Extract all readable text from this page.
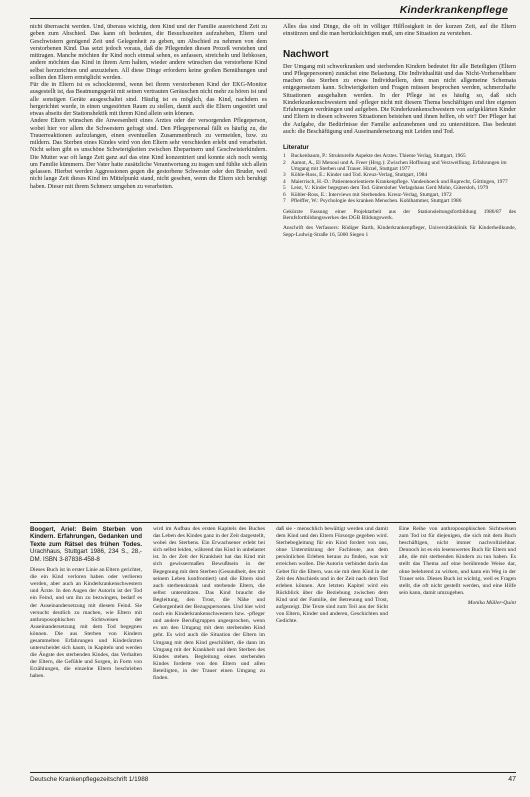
Kinderkrankenpflege

nicht überrascht werden. Und, überaus wichtig, dem Kind und der Familie ausreichend Zeit zu geben zum Abschied. Das kann oft bedeuten, die Besuchszeiten aufzuheben, Eltern und Geschwistern genügend Zeit und Gelegenheit zu geben, um Abschied zu nehmen von dem verstorbenen Kind. Das setzt jedoch voraus, daß die Pflegenden diesen Prozeß verstehen und mittragen. Manche möchten ihr Kind noch einmal sehen, es anfassen, streicheln und liebkosen, andere möchten das Kind in ihrem Arm halten, wieder andere wünschen das verstorbene Kind selbst herzurichten und anzuziehen. All diese Dinge erfordern keine großen Bemühungen und sollten den Eltern ermöglicht werden.

Für die in Eltern ist es schockierend, wenn bei ihrem verstorbenen Kind der EKG-Monitor ausgestellt ist, das Beatmungsgerät mit seinen vertrauten Geräuschen nicht mehr zu hören ist und alle sonstigen Geräte ausgeschaltet sind. Häufig ist es möglich, das Kind, nachdem es hergerichtet wurde, in einen ungestörten Raum zu stellen, damit auch die Eltern ungestört und etwas abseits der Stationshektik mit ihrem Kind allein sein können.

Andere Eltern wünschen die Anwesenheit eines Arztes oder der versorgenden Pflegeperson, wobei hier vor allem die Schwestern gefragt sind. Den Pflegepersonal fällt es häufig zu, die Trauerreaktionen aufzufangen, einen eventuellen Zusammenbruch zu vermeiden, bzw. zu mildern. Das Sterben eines Kindes wird von den Eltern sehr verschieden erlebt und verarbeitet. Nicht selten gibt es unschöne Schwierigkeiten zwischen Ehepartnern und Geschwisterkindern. Die Mutter war oft lange Zeit ganz auf das eine Kind konzentriert und konnte sich noch wenig um Familie kümmern. Der Vater hatte zusätzliche Verantwortung zu tragen und fühlte sich allein gelassen. Hierbei werden Aggressionen gegen die gestorbene Schwester oder den Bruder, weil nicht lange Zeit dieses Kind im Mittelpunkt stand, nicht gesehen, wenn die Eltern sich beruhigt haben. Dieser mit ihrem Schmerz umgehen zu verarbeiten.

Alles das sind Dinge, die oft in völliger Hilflosigkeit in der kurzen Zeit, auf die Eltern einstürzen und die man berücksichtigen muß, um eine Situation zu verstehen.

Nachwort

Der Umgang mit schwerkranken und sterbenden Kindern bedeutet für alle Beteiligten (Eltern und Pflegepersonen) zunächst eine Belastung. Die Individualität und das Nicht-Vorhersehbare machen das Sterben zu etwas Individuellem, dem man nicht allgemeine Schemata entgegensetzen kann. Schwierigkeiten und Fragen müssen besprochen werden, schmerzhafte Situationen ausgehalten werden. In der Pflege ist es häufig so, daß sich Kinderkrankenschwestern und -pfleger nicht mit diesem Thema beschäftigen und ihre eigenen Erfahrungen verdrängen und aufgeben. Die Kinderkrankenschwestern von aufgeklärten Kinder und Eltern in diesen schweren Situationen beistehen und ihnen helfen, ob wir? Der Pfleger hat die Aufgabe, die Bedürfnisse der Familie aufzunehmen und zu unterstützen. Das bedeutet auch: die Beschäftigung und Auseinandersetzung mit Leiden und Tod.

Literatur
1 Buckenbaum, P.: Strukturelle Aspekte des Arztes. Thieme Verlag, Stuttgart, 1965
2 Aamot, A., El Menoui und A. Freer (Hrsg.): Zwischen Hoffnung und Verzweiflung. Erfahrungen im Umgang mit Sterben und Trauer. Hirzel, Stuttgart 1977
3 Köhle-Ross, E.: Kinder und Tod. Kreuz-Verlag, Stuttgart, 1984
4 Maierrisch, H.-D.: Patientenorientierte Krankenpflege. Vandenhoeck und Ruprecht, Göttingen, 1977
5 Leist, V.: Kinder begegnen dem Tod. Gütersloher Verlagshaus Gerd Mohn, Gütersloh, 1979
6 Kübler-Ross, E.: Interviews mit Sterbenden. Kreuz-Verlag, Stuttgart, 1972
7 Pfleiffer, W.: Psychologie des kranken Menschen. Kohlhammer, Stuttgart 1986

Gekürzte Fassung einer Projektarbeit aus der Stationsleitungsfortbildung 1986/87 des Berufsfortbildungswerkes des DGB Bildungswerk.

Anschrift des Verfassers: Rüdiger Barth, Kinderkrankenpfleger, Universitätsklinik für Kinderheilkunde, Sepp-Ludwig-Straße 16, 5000 Siegen 1

Boogert, Ariel: Beim Sterben von Kindern. Erfahrungen, Gedanken und Texte zum Rätsel des frühen Todes. Urachhaus, Stuttgart 1986, 234 S., 28,- DM. ISBN 3-87838-458-8

Dieses Buch ist in erster Linie an Eltern gerichtet, die ein Kind verloren haben oder verlieren werden, aber auch an Kinderkrankenschwestern und Ärzte. In den Augen der Autorin ist der Tod ein Feind, und um ihn zu bezwingen, bedarf es der Auseinandersetzung mit diesem Feind. Sie versucht deutlich zu machen, wie Eltern mit anthroposophischen Sichtweisen der Auseinandersetzung mit dem Tod begegnen können. Die aus Sterben von Kindern gesammelten Erfahrungen und Kinderärzten unterscheidet sich kaum, in Kapiteln und werden die Ängste des sterbenden Kindes, das Verhalten der Eltern, die Gefühle und Sorgen, in Form von Erzählungen, die einzelne Eltern beschrieben haben.

wird im Aufbau des ersten Kapitels des Buches das Leben des Kindes ganz in der Zeit dargestellt, wobei des Sterbens. Ein Erwachsener erlebt bei sich selbst leiden, während das Kind in unbelastet ist. In der Zeit der Krankheit hat das Kind mit sich gewissermaßen Bewußtsein in der Begegnung mit dem Sterben (Gesundheit, des mit seinem Leben konfrontiert) und die Eltern sind auch sterbenskrank und sterbende Eltern, die selbst unterstützen. Das Kind braucht die Begleitung, den Trost, die Nähe und Geborgenheit der Bezugspersonen. Und hier wird noch ein Kinderkrankenschwestern bzw. -pfleger und andere Berufsgruppen angesprochen, wenn es um den Umgang mit dem sterbenden Kind geht. Es wird auch die Situation der Eltern im Umgang mit dem Kind geschildert, die dann im Umgang mit der Krankheit und dem Sterben des Kindes stehen. Begleitung eines sterbenden Kindes forderte von den Eltern und allen Beteiligten, in der Trauer einen Umgang zu finden.

daß sie - menschlich bewältigt werden und damit dem Kind und den Eltern Fürsorge gegeben wird. Sterbebegleitung für ein Kind fordert von uns, ohne Unterstützung der Fachleute, aus dem persönlichen Erleben heraus zu finden, was wir erreichen wollen. Die Autorin verbindet darin das Gebet für die Eltern, was sie mit dem Kind in der Zeit des Abschieds und in der Zeit nach dem Tod erleben können. Am letzten Kapitel wird ein Rückblick über die Beziehung zwischen dem Kind und der Familie, der Betreuung und Trost, aufgezeigt. Die Texte sind zum Teil aus der Sicht von Eltern, Kinder und anderen, Geschichten und Gedichte.

Eine Reihe von anthroposophischen Sichtweisen zum Tod ist für diejenigen, die sich mit dem Buch beschäftigen, nicht immer nachvollziehbar. Dennoch ist es ein lesenswertes Buch für Eltern und alle, die mit sterbenden Kindern zu tun haben. Es stellt das Thema auf eine berührende Weise dar, ohne belehrend zu wirken, und kann ein Weg in der Trauer sein. Dieses Buch ist wichtig, weil es Fragen stellt, die oft nicht gestellt werden, und eine Hilfe sein kann, damit umzugehen.

Monika Müller-Quint

Deutsche Krankenpflegezeitschrift 1/1988	47
